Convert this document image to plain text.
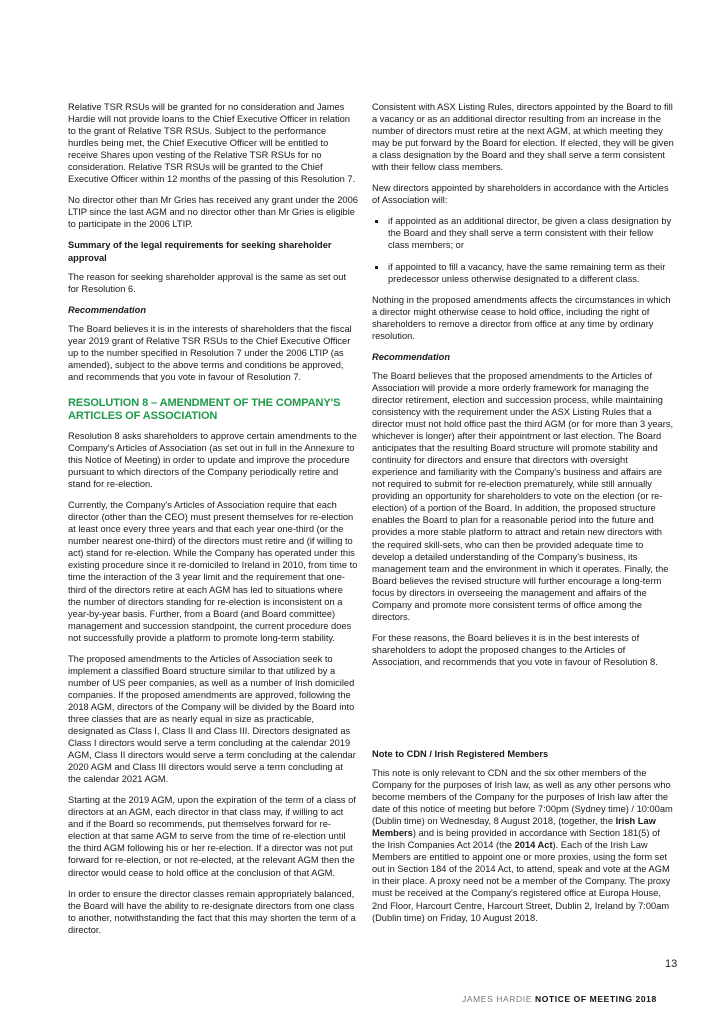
Relative TSR RSUs will be granted for no consideration and James Hardie will not provide loans to the Chief Executive Officer in relation to the grant of Relative TSR RSUs. Subject to the performance hurdles being met, the Chief Executive Officer will be entitled to receive Shares upon vesting of the Relative TSR RSUs for no consideration. Relative TSR RSUs will be granted to the Chief Executive Officer within 12 months of the passing of this Resolution 7.

No director other than Mr Gries has received any grant under the 2006 LTIP since the last AGM and no director other than Mr Gries is eligible to participate in the 2006 LTIP.

Summary of the legal requirements for seeking shareholder approval

The reason for seeking shareholder approval is the same as set out for Resolution 6.

Recommendation

The Board believes it is in the interests of shareholders that the fiscal year 2019 grant of Relative TSR RSUs to the Chief Executive Officer up to the number specified in Resolution 7 under the 2006 LTIP (as amended), subject to the above terms and conditions be approved, and recommends that you vote in favour of Resolution 7.

RESOLUTION 8 – AMENDMENT OF THE COMPANY'S ARTICLES OF ASSOCIATION

Resolution 8 asks shareholders to approve certain amendments to the Company's Articles of Association (as set out in full in the Annexure to this Notice of Meeting) in order to update and improve the procedure pursuant to which directors of the Company periodically retire and stand for re-election.

Currently, the Company's Articles of Association require that each director (other than the CEO) must present themselves for re-election at least once every three years and that each year one-third (or the number nearest one-third) of the directors must retire and (if willing to act) stand for re-election. While the Company has operated under this existing procedure since it re-domiciled to Ireland in 2010, from time to time the interaction of the 3 year limit and the requirement that one-third of the directors retire at each AGM has led to situations where the number of directors standing for re-election is inconsistent on a year-by-year basis. Further, from a Board (and Board committee) management and succession standpoint, the current procedure does not successfully provide a platform to promote long-term stability.

The proposed amendments to the Articles of Association seek to implement a classified Board structure similar to that utilized by a number of US peer companies, as well as a number of Irish domiciled companies. If the proposed amendments are approved, following the 2018 AGM, directors of the Company will be divided by the Board into three classes that are as nearly equal in size as practicable, designated as Class I, Class II and Class III. Directors designated as Class I directors would serve a term concluding at the calendar 2019 AGM, Class II directors would serve a term concluding at the calendar 2020 AGM and Class III directors would serve a term concluding at the calendar 2021 AGM.

Starting at the 2019 AGM, upon the expiration of the term of a class of directors at an AGM, each director in that class may, if willing to act and if the Board so recommends, put themselves forward for re-election at that same AGM to serve from the time of re-election until the third AGM following his or her re-election. If a director was not put forward for re-election, or not re-elected, at the relevant AGM then the director would cease to hold office at the conclusion of that AGM.

In order to ensure the director classes remain appropriately balanced, the Board will have the ability to re-designate directors from one class to another, notwithstanding the fact that this may shorten the term of a director.

Consistent with ASX Listing Rules, directors appointed by the Board to fill a vacancy or as an additional director resulting from an increase in the number of directors must retire at the next AGM, at which meeting they may be put forward by the Board for election. If elected, they will be given a class designation by the Board and they shall serve a term consistent with their fellow class members.

New directors appointed by shareholders in accordance with the Articles of Association will:

if appointed as an additional director, be given a class designation by the Board and they shall serve a term consistent with their fellow class members; or
if appointed to fill a vacancy, have the same remaining term as their predecessor unless otherwise designated to a different class.

Nothing in the proposed amendments affects the circumstances in which a director might otherwise cease to hold office, including the right of shareholders to remove a director from office at any time by ordinary resolution.

Recommendation

The Board believes that the proposed amendments to the Articles of Association will provide a more orderly framework for managing the director retirement, election and succession process, while maintaining consistency with the requirement under the ASX Listing Rules that a director must not hold office past the third AGM (or for more than 3 years, whichever is longer) after their appointment or last election. The Board anticipates that the resulting Board structure will promote stability and continuity for directors and ensure that directors with oversight experience and familiarity with the Company's business and affairs are not required to submit for re-election prematurely, while still annually providing an opportunity for shareholders to vote on the election (or re-election) of a portion of the Board. In addition, the proposed structure enables the Board to plan for a reasonable period into the future and provides a more stable platform to attract and retain new directors with the required skill-sets, who can then be provided adequate time to develop a detailed understanding of the Company's business, its management team and the environment in which it operates. Finally, the Board believes the revised structure will further encourage a long-term focus by directors in overseeing the management and affairs of the Company and promote more consistent terms of office among the directors.

For these reasons, the Board believes it is in the best interests of shareholders to adopt the proposed changes to the Articles of Association, and recommends that you vote in favour of Resolution 8.

Note to CDN / Irish Registered Members

This note is only relevant to CDN and the six other members of the Company for the purposes of Irish law, as well as any other persons who become members of the Company for the purposes of Irish law after the date of this notice of meeting but before 7:00pm (Sydney time) / 10:00am (Dublin time) on Wednesday, 8 August 2018, (together, the Irish Law Members) and is being provided in accordance with Section 181(5) of the Irish Companies Act 2014 (the 2014 Act). Each of the Irish Law Members are entitled to appoint one or more proxies, using the form set out in Section 184 of the 2014 Act, to attend, speak and vote at the AGM in their place. A proxy need not be a member of the Company. The proxy must be received at the Company's registered office at Europa House, 2nd Floor, Harcourt Centre, Harcourt Street, Dublin 2, Ireland by 7:00am (Dublin time) on Friday, 10 August 2018.

13
JAMES HARDIE NOTICE OF MEETING 2018
